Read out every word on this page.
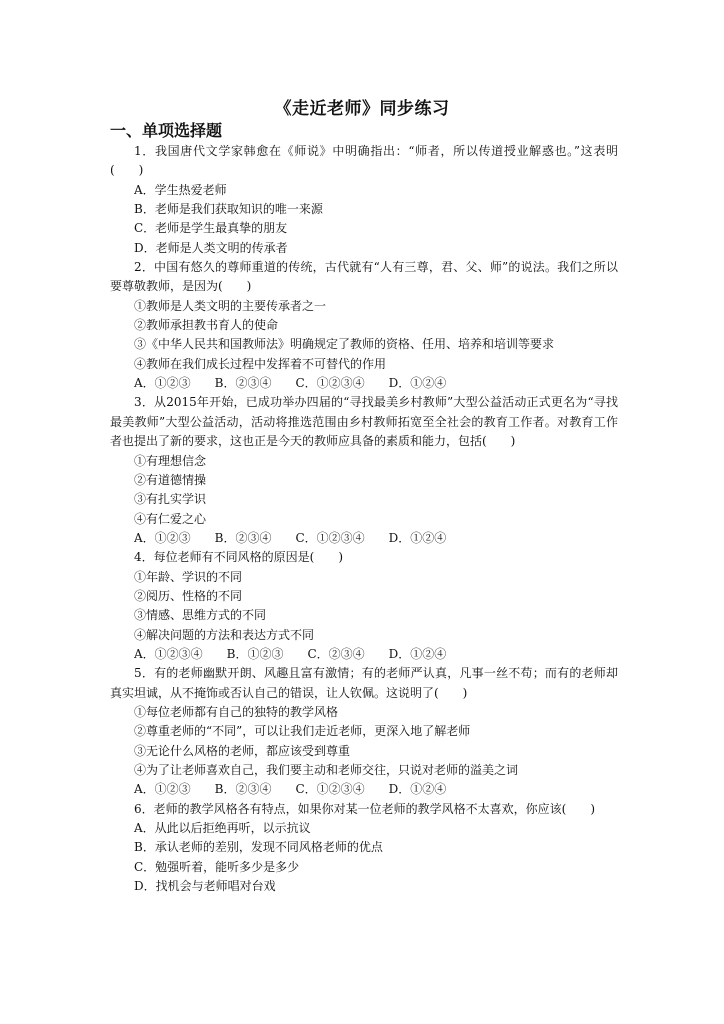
《走近老师》同步练习
一、单项选择题

1．我国唐代文学家韩愈在《师说》中明确指出：“师者，所以传道授业解惑也。”这表明(　　)

A．学生热爱老师

B．老师是我们获取知识的唯一来源

C．老师是学生最真挚的朋友

D．老师是人类文明的传承者

2．中国有悠久的尊师重道的传统，古代就有“人有三尊，君、父、师”的说法。我们之所以要尊敬教师，是因为(　　)

①教师是人类文明的主要传承者之一

②教师承担教书育人的使命

③《中华人民共和国教师法》明确规定了教师的资格、任用、培养和培训等要求

④教师在我们成长过程中发挥着不可替代的作用

A．①②③　　B．②③④　　C．①②③④　　D．①②④

3．从2015年开始，已成功举办四届的“寻找最美乡村教师”大型公益活动正式更名为“寻找最美教师”大型公益活动，活动将推选范围由乡村教师拓宽至全社会的教育工作者。对教育工作者也提出了新的要求，这也正是今天的教师应具备的素质和能力，包括(　　)

①有理想信念

②有道德情操

③有扎实学识

④有仁爱之心

A．①②③　　B．②③④　　C．①②③④　　D．①②④

4．每位老师有不同风格的原因是(　　)

①年龄、学识的不同

②阅历、性格的不同

③情感、思维方式的不同

④解决问题的方法和表达方式不同

A．①②③④　　B．①②③　　C．②③④　　D．①②④

5．有的老师幽默开朗、风趣且富有激情；有的老师严认真，凡事一丝不苟；而有的老师却真实坦诚，从不掩饰或否认自己的错误，让人钦佩。这说明了(　　)

①每位老师都有自己的独特的教学风格

②尊重老师的“不同”，可以让我们走近老师，更深入地了解老师

③无论什么风格的老师，都应该受到尊重

④为了让老师喜欢自己，我们要主动和老师交往，只说对老师的溢美之词

A．①②③　　B．②③④　　C．①②③④　　D．①②④

6．老师的教学风格各有特点，如果你对某一位老师的教学风格不太喜欢，你应该(　　)

A．从此以后拒绝再听，以示抗议

B．承认老师的差别，发现不同风格老师的优点

C．勉强听着，能听多少是多少

D．找机会与老师唱对台戏
